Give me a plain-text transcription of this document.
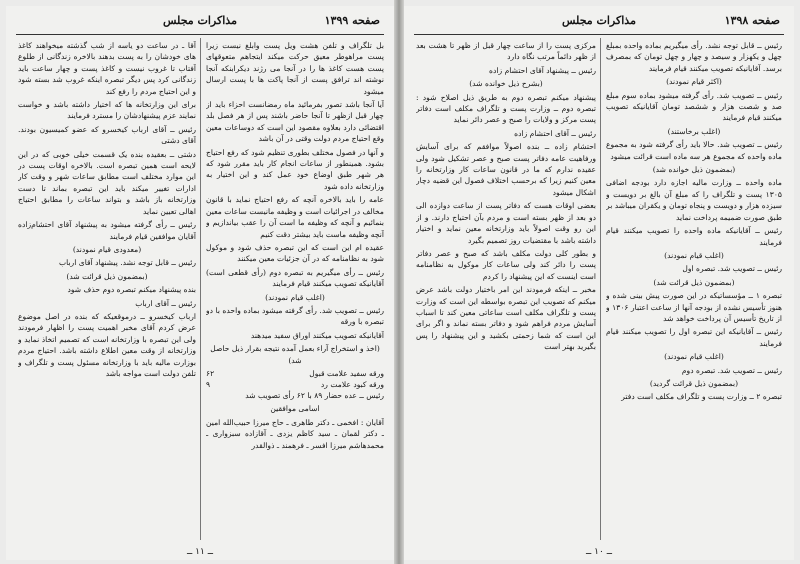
صفحه ۱۳۹۹
مذاکرات مجلس

بل تلگراف و تلفن هشت ویل پست وابلغ نیست زیرا پست مراهوطر معیق حرکت میکند ایتجاهم متعوقهای پست هست کاغذ ها را در آنجا می رژند دیکرابنکه آنجا نوشته اند ترافق پست از آنجا پاکت ها با پست ارسال میشود

آیا آنجا باشد تصور بفرمائید ماه رمضانست احزاء باید از چهار قبل ازظهر تا آنجا حاضر باشند پس از هر فصل بلد اقتضائی دارد بعلاوه مقصود این است که دوساعات معین وقع احتیاج مردم دولت وقتی در آن باشد

و آنها در فصول مختلف بطوری تنظیم شود که رفع احتیاج بشود. همینطور از ساعات انجام کار باید مقرر شود که هر شهر طبق اوضاع خود عمل کند و این اختیار به وزارتخانه داده شود

عامه را باید بالاخره آنچه که رفع احتیاج نماید با قانون مخالف در اجرائیات است و وظیفه مانیست ساعات معین بنمائیم و آنچه که وظیفه ما است آن را عقب بیاندازیم و آنچه وظیفه ماست باید بیشتر دقت کنیم

عقیده ام این است که این تبصره حذف شود و موکول شود به نظامنامه که در آن جزئیات معین میکنند

رئیس ــ رأی میگیریم به تبصره دوم (رأی قطعی است) آقایانیکه تصویب میکنند قیام فرمایند

(اغلب قیام نمودند)

رئیس ــ تصویب شد. رأی گرفته میشود بماده واحده با دو تبصره با ورقه

آقایانیکه تصویب میکنند اوراق سفید میدهند

(اخذ و استخراج آراء بعمل آمده نتیجه بقرار ذیل حاصل شد)

ورقه سفید علامت قبول	۶۲
ورقه کبود علامت رد	۹

رئیس ــ عده حضار ۸۹ با ۶۲ رأی تصویب شد

اسامی موافقین

آقایان : افخمی ـ دکتر طاهری ـ حاج میرزا حبیب‌الله امین ـ دکتر لقمان ـ سید کاظم یزدی ـ آقازاده سبزواری ـ محمدهاشم میرزا افسر ـ فرهمند ـ ذوالقدر

آقا ـ در ساعت دو یاسه از شب گذشته میخواهند کاغذ های خودشان را به پست بدهند بالاخره زندگانی از طلوع آفتاب تا غروب نیست و کاغذ پست و چهار ساعت باید زندگانی کرد پس دیگر تبصره اینکه غروب شد بسته شود و این احتیاج مردم را رفع کند

برای این وزارتخانه ها که اختیار داشته باشد و خواست نمایند عزم پیشنهادشان را مسترد فرمایند

رئیس ــ آقای ارباب کیخسرو که عضو کمیسیون بودند. آقای دشتی

دشتی ــ بعقیده بنده یک قسمت خیلی خوبی که در این لایحه است همین تبصره است. بالاخره اوقات پست در این موارد مختلف است مطابق ساعات شهر و وقت کار ادارات تغییر میکند باید این تبصره بماند تا دست وزارتخانه باز باشد و بتواند ساعات را مطابق احتیاج اهالی تعیین نماید

رئیس ــ رأی گرفته میشود به پیشنهاد آقای احتشام‌زاده آقایان موافقین قیام فرمایند

(معدودی قیام نمودند)

رئیس ــ قابل توجه نشد. پیشنهاد آقای ارباب

(بمضمون ذیل قرائت شد)

بنده پیشنهاد میکنم تبصره دوم حذف شود

رئیس ــ آقای ارباب

ارباب کیخسرو ــ درموقعیکه که بنده در اصل موضوع عرض کردم آقای مخبر اهمیت پست را اظهار فرمودند ولی این تبصره با وزارتخانه است که تصمیم اتخاذ نماید و وزارتخانه از وقت معین اطلاع داشته باشد. احتیاج مردم بوزارت مالیه باید با وزارتخانه مسئول پست و تلگراف و تلفن دولت است مواجه باشد

ــ ۱۱ ــ
صفحه ۱۳۹۸
مذاکرات مجلس

رئیس ــ قابل توجه نشد. رأی میگیریم بماده واحده بمبلغ چهل و یکهزار و سیصد و چهار و چهل تومان که بمصرف برسد. آقایانیکه تصویب میکنند قیام فرمایند

(اکثر قیام نمودند)

رئیس ــ تصویب شد. رأی گرفته میشود بماده سوم مبلغ صد و شصت هزار و ششصد تومان آقایانیکه تصویب میکنند قیام فرمایند

(اغلب برخاستند)

رئیس ــ تصویب شد. حالا باید رأی گرفته شود به مجموع ماده واحده که مجموع هر سه ماده است قرائت میشود

(بمضمون ذیل خوانده شد)

ماده واحده ــ وزارت مالیه اجازه دارد بودجه اضافی ۱۳۰۵ پست و تلگراف را که مبلغ آن بالغ بر دویست و سیزده هزار و دویست و پنجاه تومان و یکقران میباشد بر طبق صورت ضمیمه پرداخت نماید

رئیس ــ آقایانیکه ماده واحده را تصویب میکنند قیام فرمایند

(اغلب قیام نمودند)

رئیس ــ تصویب شد. تبصره اول

(بمضمون ذیل قرائت شد)

تبصره ۱ ــ مؤسساتیکه در این صورت پیش بینی شده و هنوز تأسیس نشده از بودجه آنها از ساعت اعتبار ۱۳۰۶ و از تاریخ تأسیس آن پرداخت خواهد شد

رئیس ــ آقایانیکه این تبصره اول را تصویب میکنند قیام فرمایند

(اغلب قیام نمودند)

رئیس ــ تصویب شد. تبصره دوم

(بمضمون ذیل قرائت گردید)

تبصره ۲ ــ وزارت پست و تلگراف مکلف است دفتر

مرکزی پست را از ساعت چهار قبل از ظهر تا هشت بعد از ظهر دائماً مرتب نگاه دارد

رئیس ــ پیشنهاد آقای احتشام زاده

(بشرح ذیل خوانده شد)

پیشنهاد میکنم تبصره دوم به طریق ذیل اصلاح شود : تبصره دوم ــ وزارت پست و تلگراف مکلف است دفاتر پست مرکز و ولایات را صبح و عصر دائر نماید

رئیس ــ آقای احتشام زاده

احتشام زاده ــ بنده اصولاً موافقم که برای آسایش ورفاهیت عامه دفاتر پست صبح و عصر تشکیل شود ولی عقیده ندارم که ما در قانون ساعات کار وزارتخانه را معین کنیم زیرا که برحسب اختلاف فصول این قضیه دچار اشکال میشود

بعضی اوقات هست که دفاتر پست از ساعت دوازده الی دو بعد از ظهر بسته است و مردم بآن احتیاج دارند. و از این رو وقت اصولاً باید وزارتخانه معین نماید و اختیار داشته باشد با مقتضیات روز تصمیم بگیرد

و بطور کلی دولت مکلف باشد که صبح و عصر دفاتر پست را دائر کند ولی ساعات کار موکول به نظامنامه است اینست که این پیشنهاد را کردم

مخبر ــ اینکه فرمودند این امر باختیار دولت باشد عرض میکنم که تصویب این تبصره بواسطه این است که وزارت پست و تلگراف مکلف است ساعاتی معین کند تا اسباب آسایش مردم فراهم شود و دفاتر بسته نماند و اگر برای این است که شما زحمتی بکشید و این پیشنهاد را پس بگیرید بهتر است

ــ ۱۰ ــ
